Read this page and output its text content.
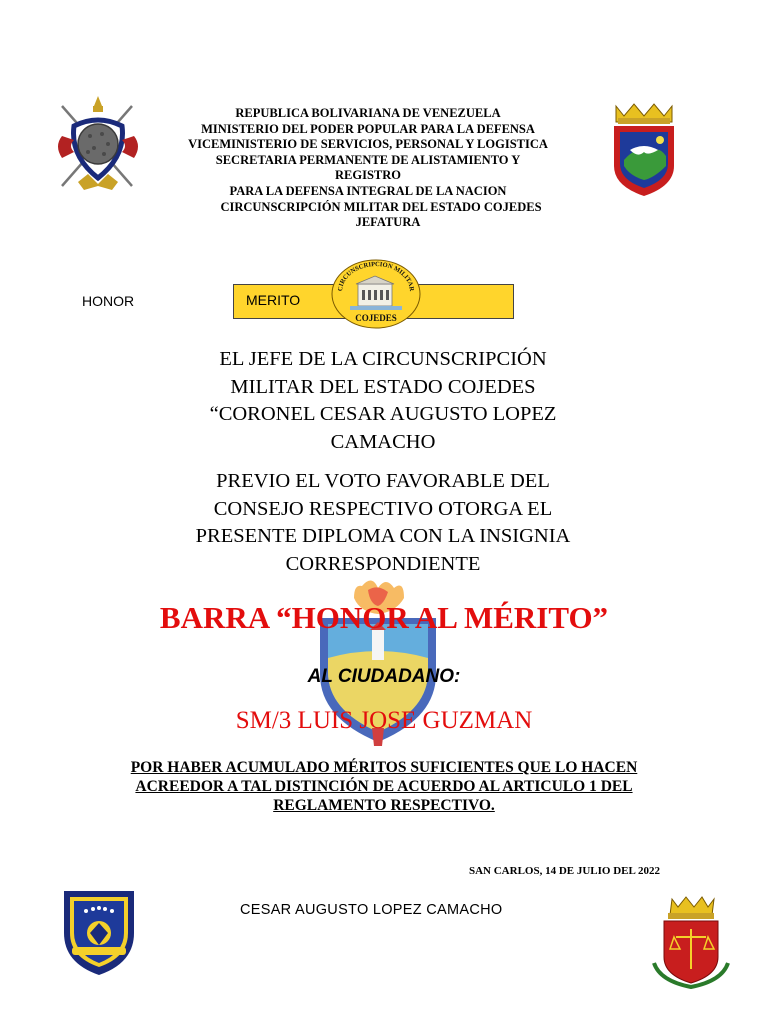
REPUBLICA BOLIVARIANA DE VENEZUELA
MINISTERIO DEL PODER POPULAR PARA LA DEFENSA
VICEMINISTERIO DE SERVICIOS, PERSONAL Y LOGISTICA
SECRETARIA PERMANENTE DE ALISTAMIENTO Y
REGISTRO
PARA LA DEFENSA INTEGRAL DE LA NACION
CIRCUNSCRIPCIÓN MILITAR DEL ESTADO COJEDES
JEFATURA
HONOR	MERITO
CIRCUNSCRIPCION MILITAR
COJEDES
EL JEFE DE LA CIRCUNSCRIPCIÓN
MILITAR DEL ESTADO COJEDES
“CORONEL CESAR AUGUSTO LOPEZ
CAMACHO
PREVIO EL VOTO FAVORABLE DEL
CONSEJO RESPECTIVO OTORGA EL
PRESENTE DIPLOMA CON LA INSIGNIA
CORRESPONDIENTE
BARRA “HONOR AL MÉRITO”
AL CIUDADANO:
SM/3 LUIS JOSE GUZMAN
POR HABER ACUMULADO MÉRITOS SUFICIENTES QUE LO HACEN
ACREEDOR A TAL DISTINCIÓN DE ACUERDO AL ARTICULO 1 DEL
REGLAMENTO RESPECTIVO.
SAN CARLOS, 14 DE JULIO DEL 2022
CESAR AUGUSTO LOPEZ CAMACHO
